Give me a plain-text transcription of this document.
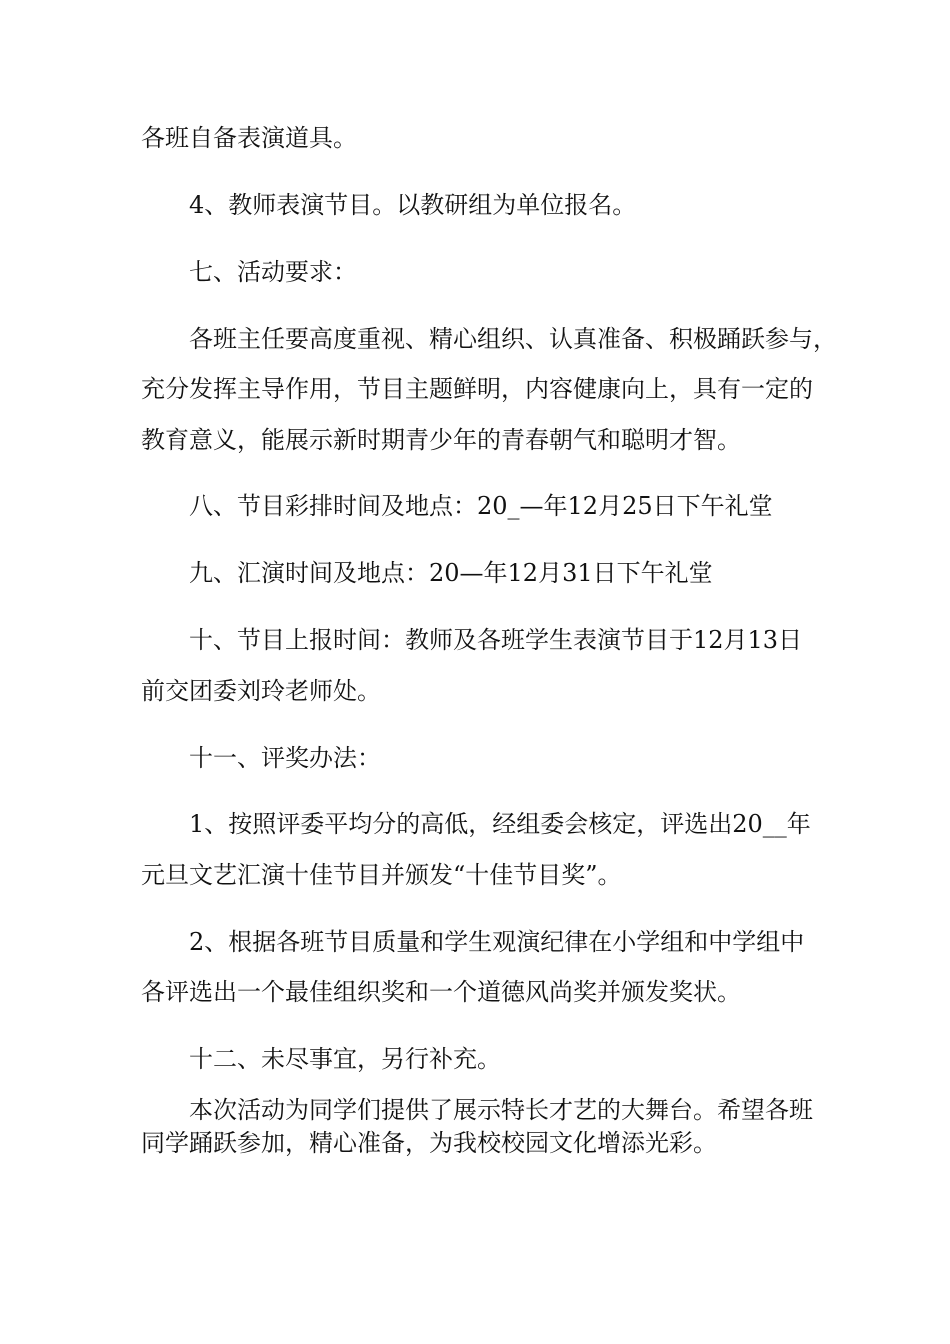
各班自备表演道具。
4、教师表演节目。以教研组为单位报名。
七、活动要求：
各班主任要高度重视、精心组织、认真准备、积极踊跃参与，
充分发挥主导作用，节目主题鲜明，内容健康向上，具有一定的
教育意义，能展示新时期青少年的青春朝气和聪明才智。
八、节目彩排时间及地点：20_—年12月25日下午礼堂
九、汇演时间及地点：20—年12月31日下午礼堂
十、节目上报时间：教师及各班学生表演节目于12月13日
前交团委刘玲老师处。
十一、评奖办法：
1、按照评委平均分的高低，经组委会核定，评选出20__年
元旦文艺汇演十佳节目并颁发“十佳节目奖”。
2、根据各班节目质量和学生观演纪律在小学组和中学组中
各评选出一个最佳组织奖和一个道德风尚奖并颁发奖状。
十二、未尽事宜，另行补充。
本次活动为同学们提供了展示特长才艺的大舞台。希望各班
同学踊跃参加，精心准备，为我校校园文化增添光彩。
